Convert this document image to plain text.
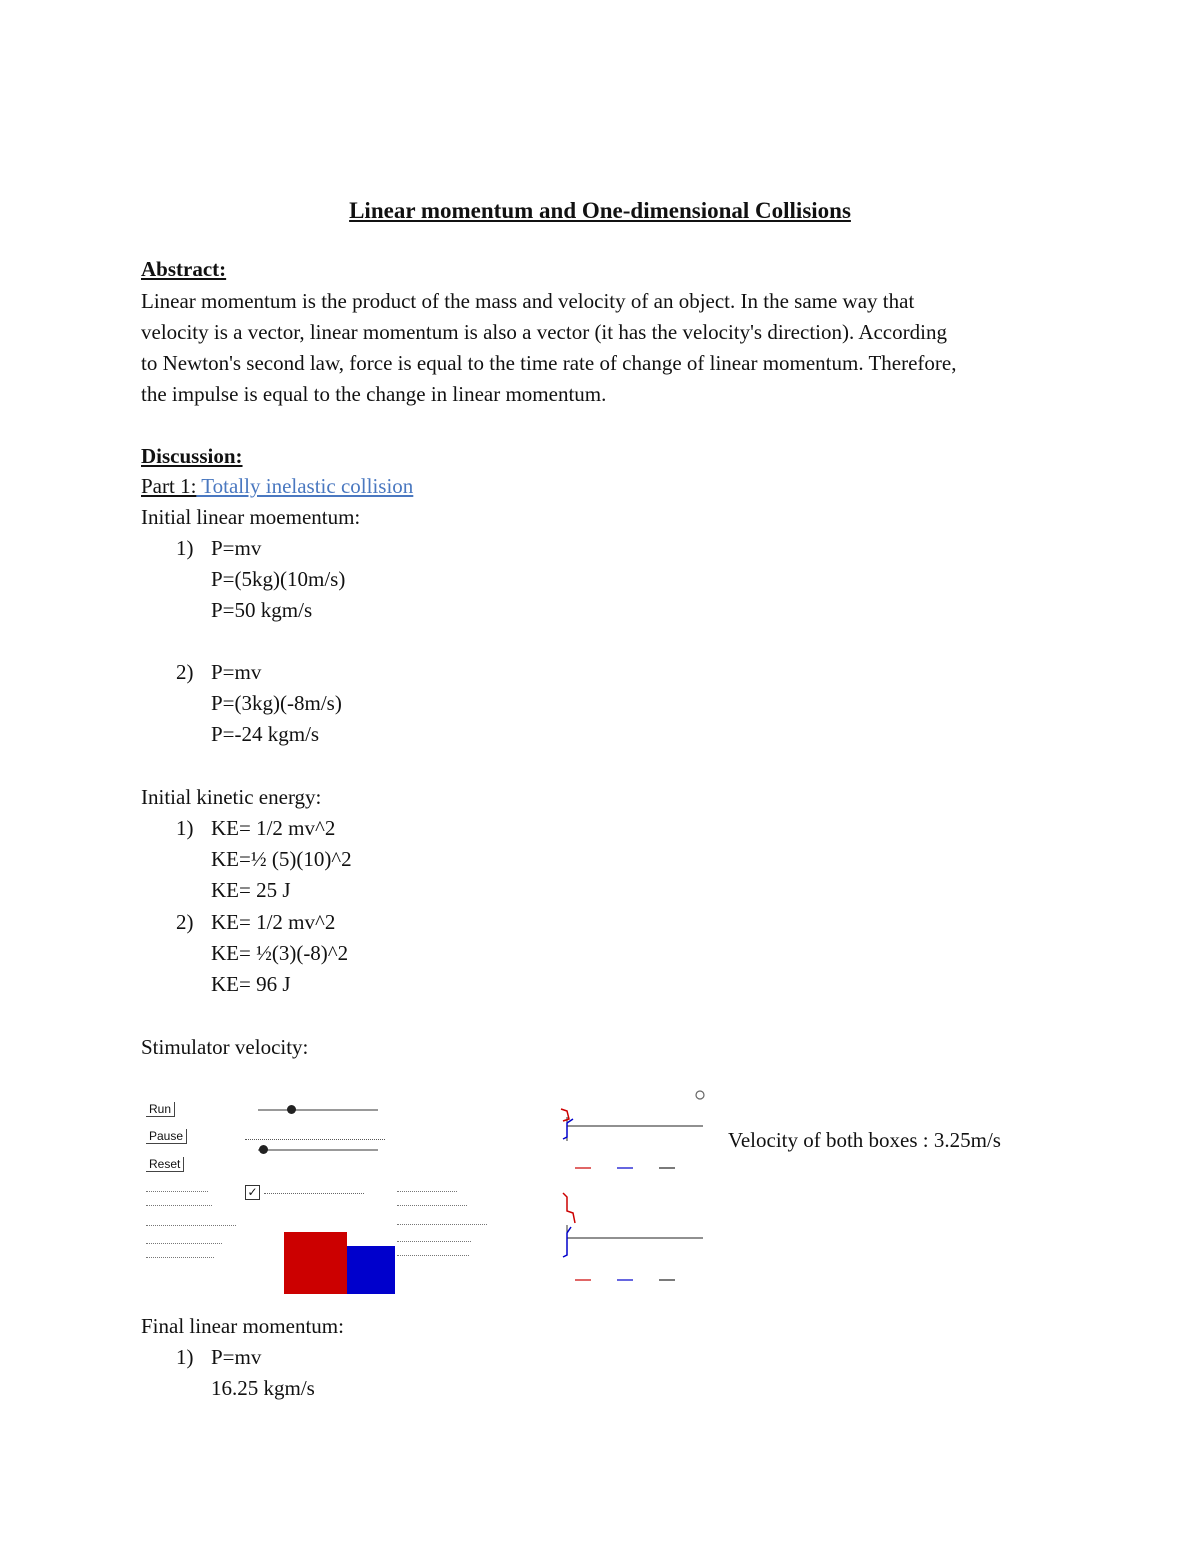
Linear momentum and One-dimensional Collisions
Abstract:
Linear momentum is the product of the mass and velocity of an object. In the same way that
velocity is a vector, linear momentum is also a vector (it has the velocity's direction). According
to Newton's second law, force is equal to the time rate of change of linear momentum. Therefore,
the impulse is equal to the change in linear momentum.
Discussion:
Part 1: Totally inelastic collision
Initial linear moementum:
1) P=mv
P=(5kg)(10m/s)
P=50 kgm/s
2) P=mv
P=(3kg)(-8m/s)
P=-24 kgm/s
Initial kinetic energy:
1) KE= 1/2 mv^2
KE=½ (5)(10)^2
KE= 25 J
2) KE= 1/2 mv^2
KE= ½(3)(-8)^2
KE= 96 J
Stimulator velocity:
Run
Pause
Reset
✓
Velocity of both boxes : 3.25m/s
Final linear momentum:
1) P=mv
16.25 kgm/s
